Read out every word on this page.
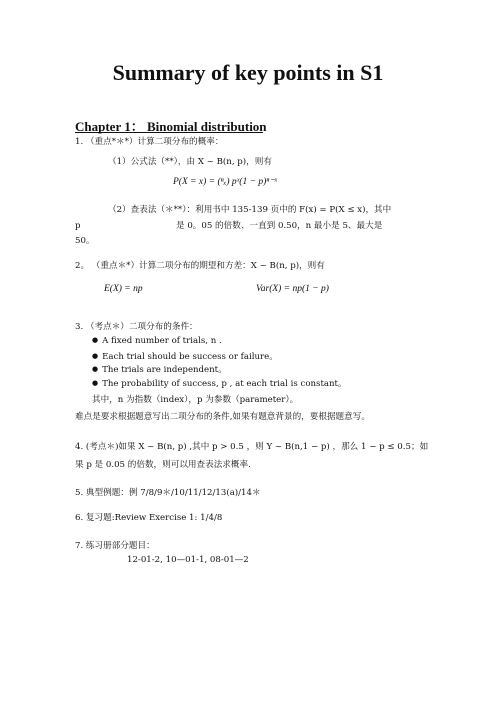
Summary of key points in S1
Chapter 1： Binomial distribution
1. （重点*＊*）计算二项分布的概率：
（1）公式法（**），由 X ~ B(n, p)，则有
P(X = x) = (ⁿₓ) pˣ(1 − p)ⁿ⁻ˣ
（2）查表法（＊**）：利用书中 135-139 页中的 F(x) = P(X ≤ x)，其中
p	是 0。05 的倍数、一直到 0.50，n 最小是 5、最大是
50。
2。 （重点＊*）计算二项分布的期望和方差：X ~ B(n, p)，则有
E(X) = np	Var(X) = np(1 − p)
3. （考点＊）二项分布的条件：
● A fixed number of trials, n .
● Each trial should be success or failure。
● The trials are independent。
● The probability of success, p , at each trial is constant。
其中，n 为指数（index），p 为参数（parameter）。
难点是要求根据题意写出二项分布的条件,如果有题意背景的，要根据题意写。
4. (考点＊)如果 X ~ B(n, p) ,其中 p > 0.5 ，则 Y ~ B(n,1 − p) ，那么 1 − p ≤ 0.5；如
果 p 是 0.05 的倍数，则可以用查表法求概率.
5. 典型例题：例 7/8/9＊/10/11/12/13(a)/14＊
6. 复习题:Review Exercise 1: 1/4/8
7. 练习册部分题目：
12-01-2, 10—01-1, 08-01—2
